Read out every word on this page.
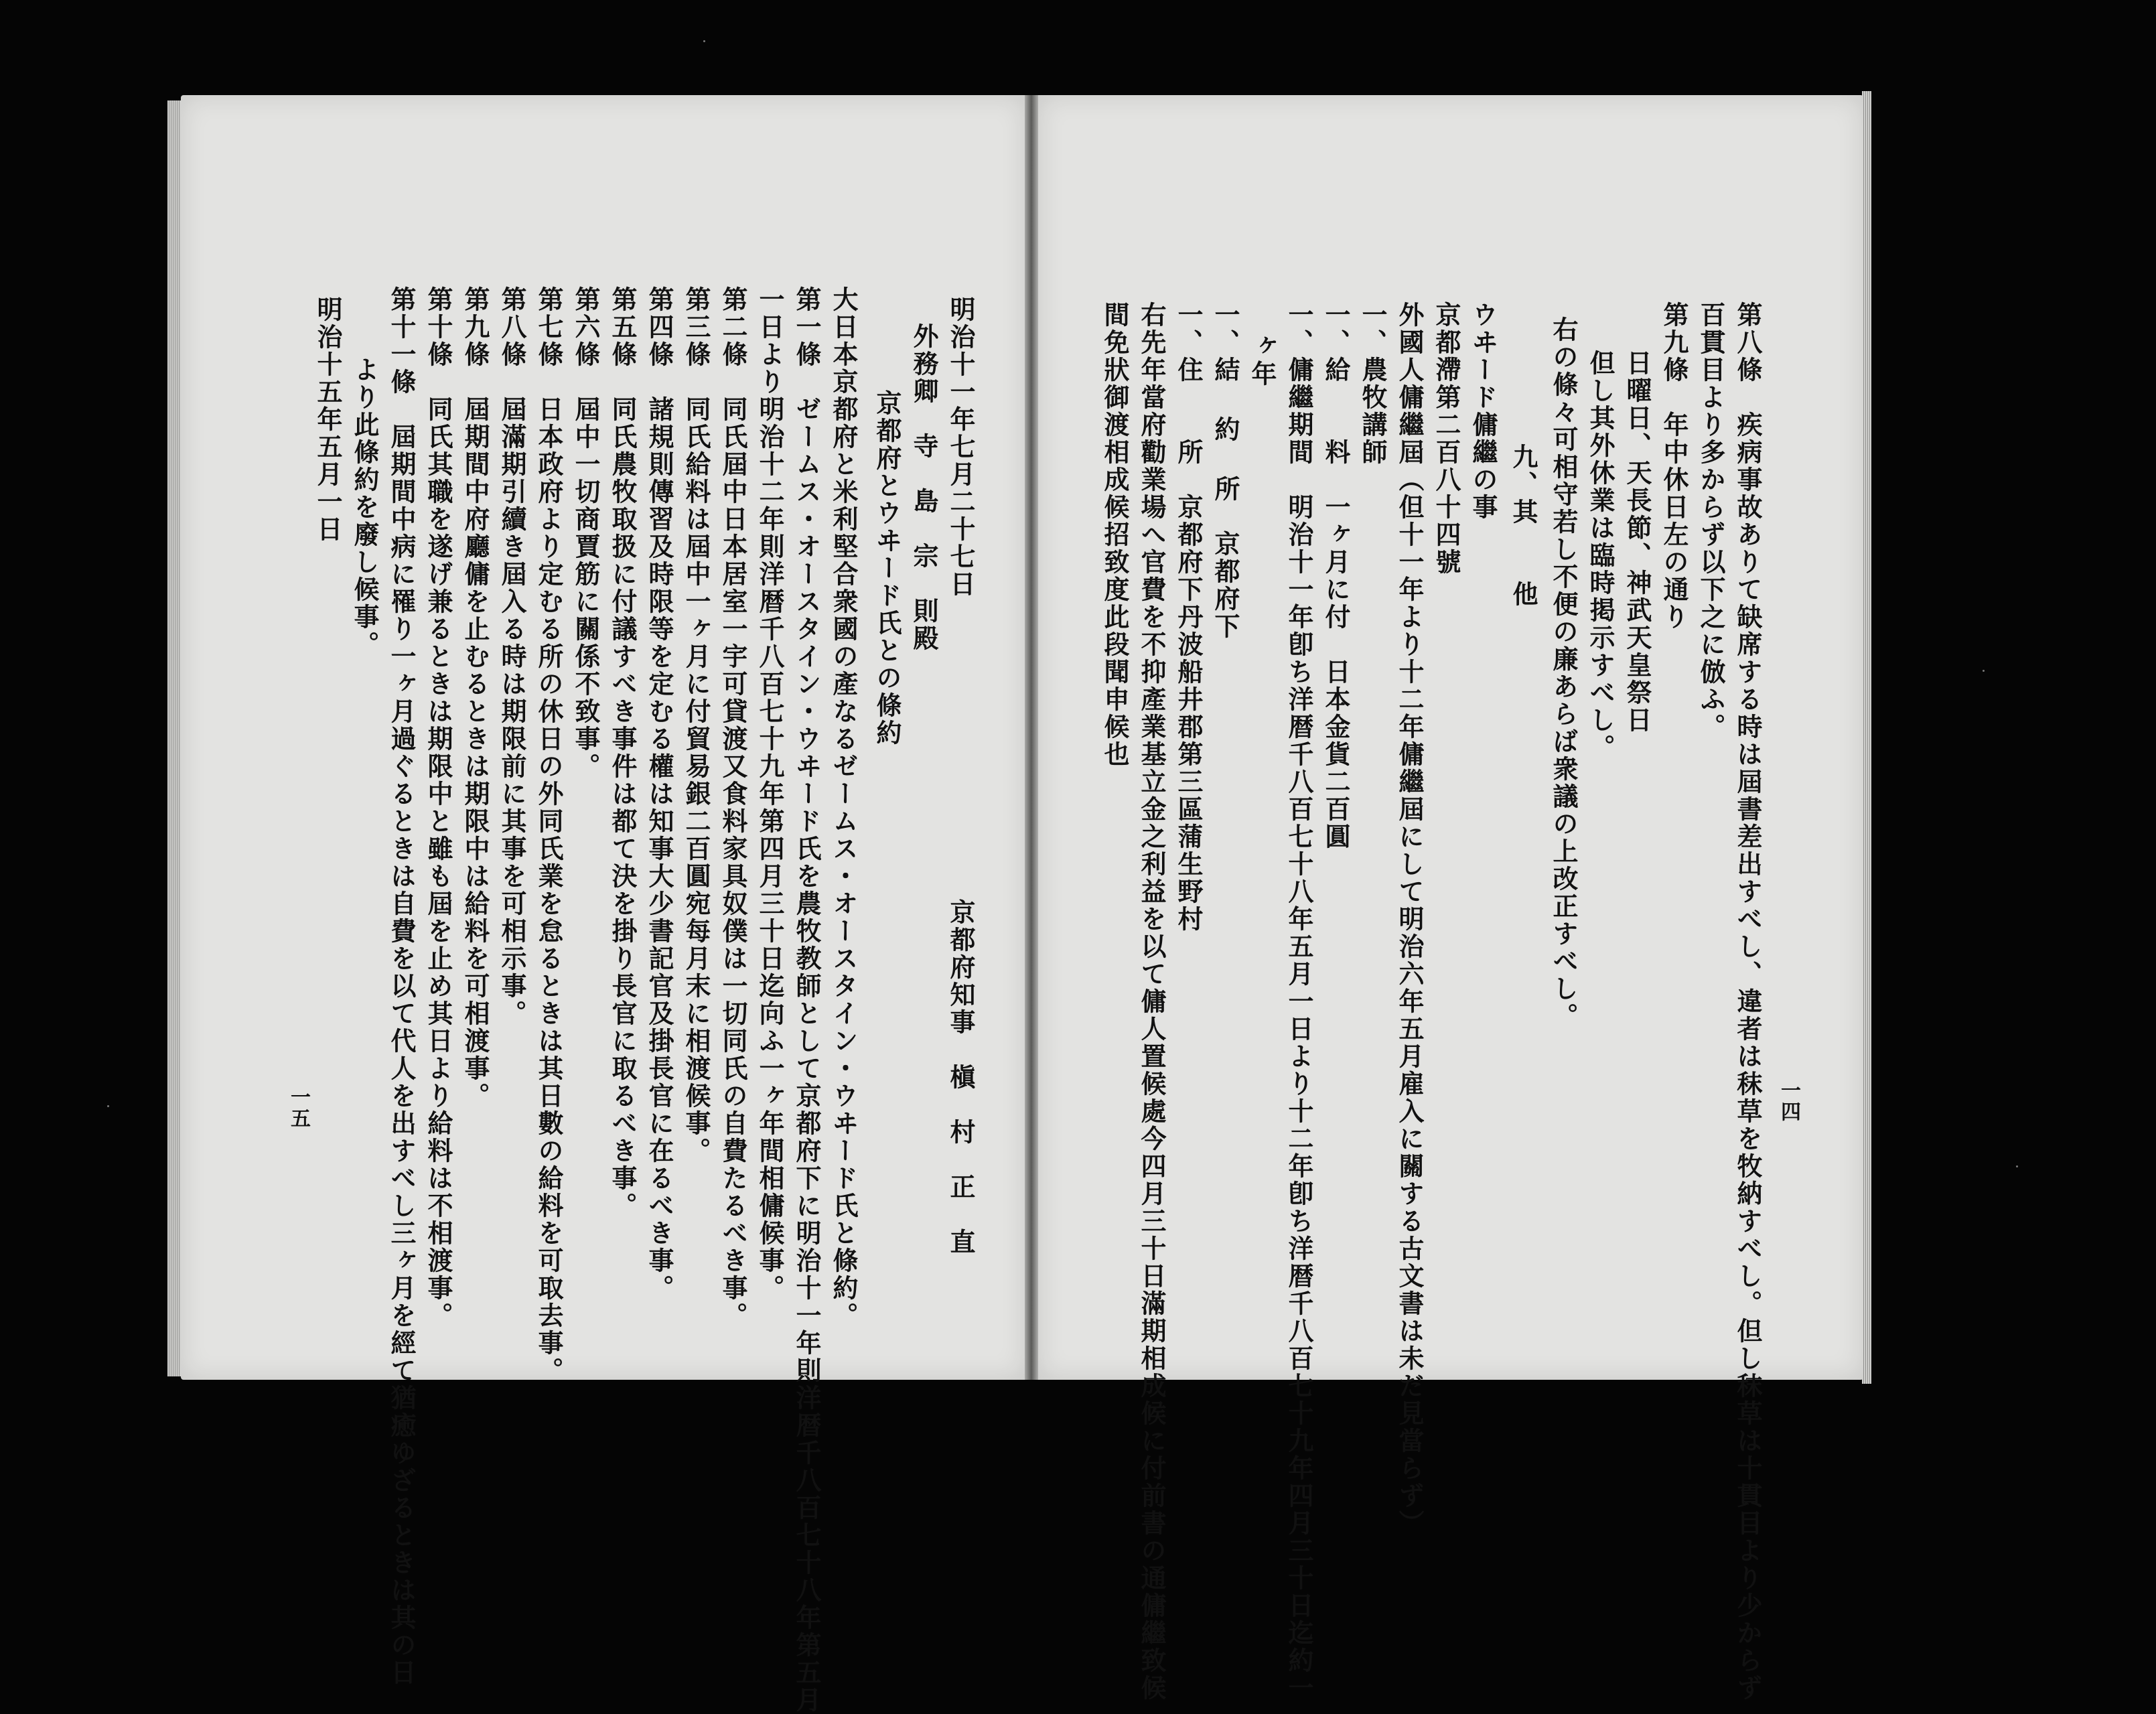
明治十一年七月二十七日
京都府知事　槇　村　正　直
外務卿　寺　島　宗　則殿
京都府とウヰード氏との條約
大日本京都府と米利堅合衆國の產なるゼームス・オースタイン・ウヰード氏と條約。
第一條　ゼームス・オースタイン・ウヰード氏を農牧教師として京都府下に明治十一年則洋暦千八百七十八年第五月
一日より明治十二年則洋暦千八百七十九年第四月三十日迄向ふ一ヶ年間相傭候事。
第二條　同氏屆中日本居室一宇可貸渡又食料家具奴僕は一切同氏の自費たるべき事。
第三條　同氏給料は屆中一ヶ月に付貿易銀二百圓宛每月末に相渡候事。
第四條　諸規則傳習及時限等を定むる權は知事大少書記官及掛長官に在るべき事。
第五條　同氏農牧取扱に付議すべき事件は都て決を掛り長官に取るべき事。
第六條　屆中一切商賈筋に關係不致事。
第七條　日本政府より定むる所の休日の外同氏業を怠るときは其日數の給料を可取去事。
第八條　屆滿期引續き屆入る時は期限前に其事を可相示事。
第九條　屆期間中府廳傭を止むるときは期限中は給料を可相渡事。
第十條　同氏其職を遂げ兼るときは期限中と雖も屆を止め其日より給料は不相渡事。
第十一條　屆期間中病に罹り一ヶ月過ぐるときは自費を以て代人を出すべし三ヶ月を經て猶癒ゆざるときは其の日
より此條約を廢し候事。
明治十五年五月一日
一五	一四
第八條　疾病事故ありて缺席する時は屆書差出すべし、違者は秣草を牧納すべし。但し秣草は十貫目より少からず
百貫目より多からず以下之に倣ふ。
第九條　年中休日左の通り
日曜日、天長節、神武天皇祭日
但し其外休業は臨時掲示すべし。
右の條々可相守若し不便の廉あらば衆議の上改正すべし。
九、其　　他
ウヰード傭繼の事
京都滯第二百八十四號
外國人傭繼屆（但十一年より十二年傭繼屆にして明治六年五月雇入に關する古文書は未だ見當らず）
一、農牧講師
一、給　　料　一ヶ月に付　日本金貨二百圓
一、傭繼期間　明治十一年卽ち洋暦千八百七十八年五月一日より十二年卽ち洋暦千八百七十九年四月三十日迄約一
ヶ年
一、結 約 所　京都府下
一、住　　所　京都府下丹波船井郡第三區蒲生野村
右先年當府勸業場へ官費を不抑產業基立金之利益を以て傭人置候處今四月三十日滿期相成候に付前書の通傭繼致候
間免狀御渡相成候招致度此段聞申候也
